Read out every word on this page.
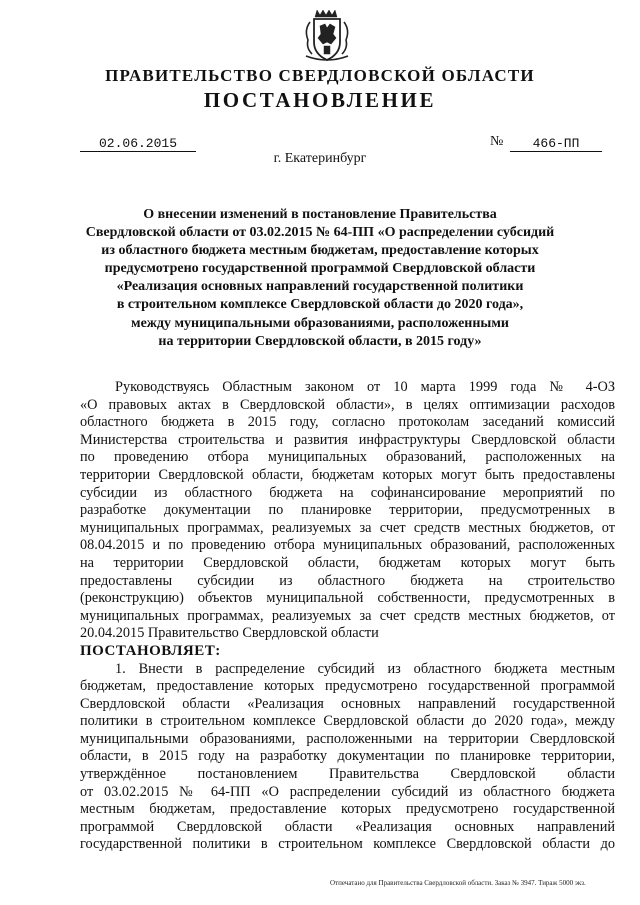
ПРАВИТЕЛЬСТВО СВЕРДЛОВСКОЙ ОБЛАСТИ
ПОСТАНОВЛЕНИЕ
02.06.2015	№	466-ПП
г. Екатеринбург
О внесении изменений в постановление Правительства
Свердловской области от 03.02.2015 № 64-ПП «О распределении субсидий
из областного бюджета местным бюджетам, предоставление которых
предусмотрено государственной программой Свердловской области
«Реализация основных направлений государственной политики
в строительном комплексе Свердловской области до 2020 года»,
между муниципальными образованиями, расположенными
на территории Свердловской области, в 2015 году»
Руководствуясь Областным законом от 10 марта 1999 года № 4-ОЗ
«О правовых актах в Свердловской области», в целях оптимизации расходов
областного бюджета в 2015 году, согласно протоколам заседаний комиссий
Министерства строительства и развития инфраструктуры Свердловской области
по проведению отбора муниципальных образований, расположенных на
территории Свердловской области, бюджетам которых могут быть предоставлены
субсидии из областного бюджета на софинансирование мероприятий по
разработке документации по планировке территории, предусмотренных в
муниципальных программах, реализуемых за счет средств местных бюджетов, от
08.04.2015 и по проведению отбора муниципальных образований, расположенных
на территории Свердловской области, бюджетам которых могут быть
предоставлены субсидии из областного бюджета на строительство
(реконструкцию) объектов муниципальной собственности, предусмотренных в
муниципальных программах, реализуемых за счет средств местных бюджетов, от
20.04.2015 Правительство Свердловской области
ПОСТАНОВЛЯЕТ:
1. Внести в распределение субсидий из областного бюджета местным
бюджетам, предоставление которых предусмотрено государственной программой
Свердловской области «Реализация основных направлений государственной
политики в строительном комплексе Свердловской области до 2020 года», между
муниципальными образованиями, расположенными на территории Свердловской
области, в 2015 году на разработку документации по планировке территории,
утверждённое постановлением Правительства Свердловской области
от 03.02.2015 № 64-ПП «О распределении субсидий из областного бюджета
местным бюджетам, предоставление которых предусмотрено государственной
программой Свердловской области «Реализация основных направлений
государственной политики в строительном комплексе Свердловской области до
Отпечатано для Правительства Свердловской области. Заказ № 3947. Тираж 5000 экз.
